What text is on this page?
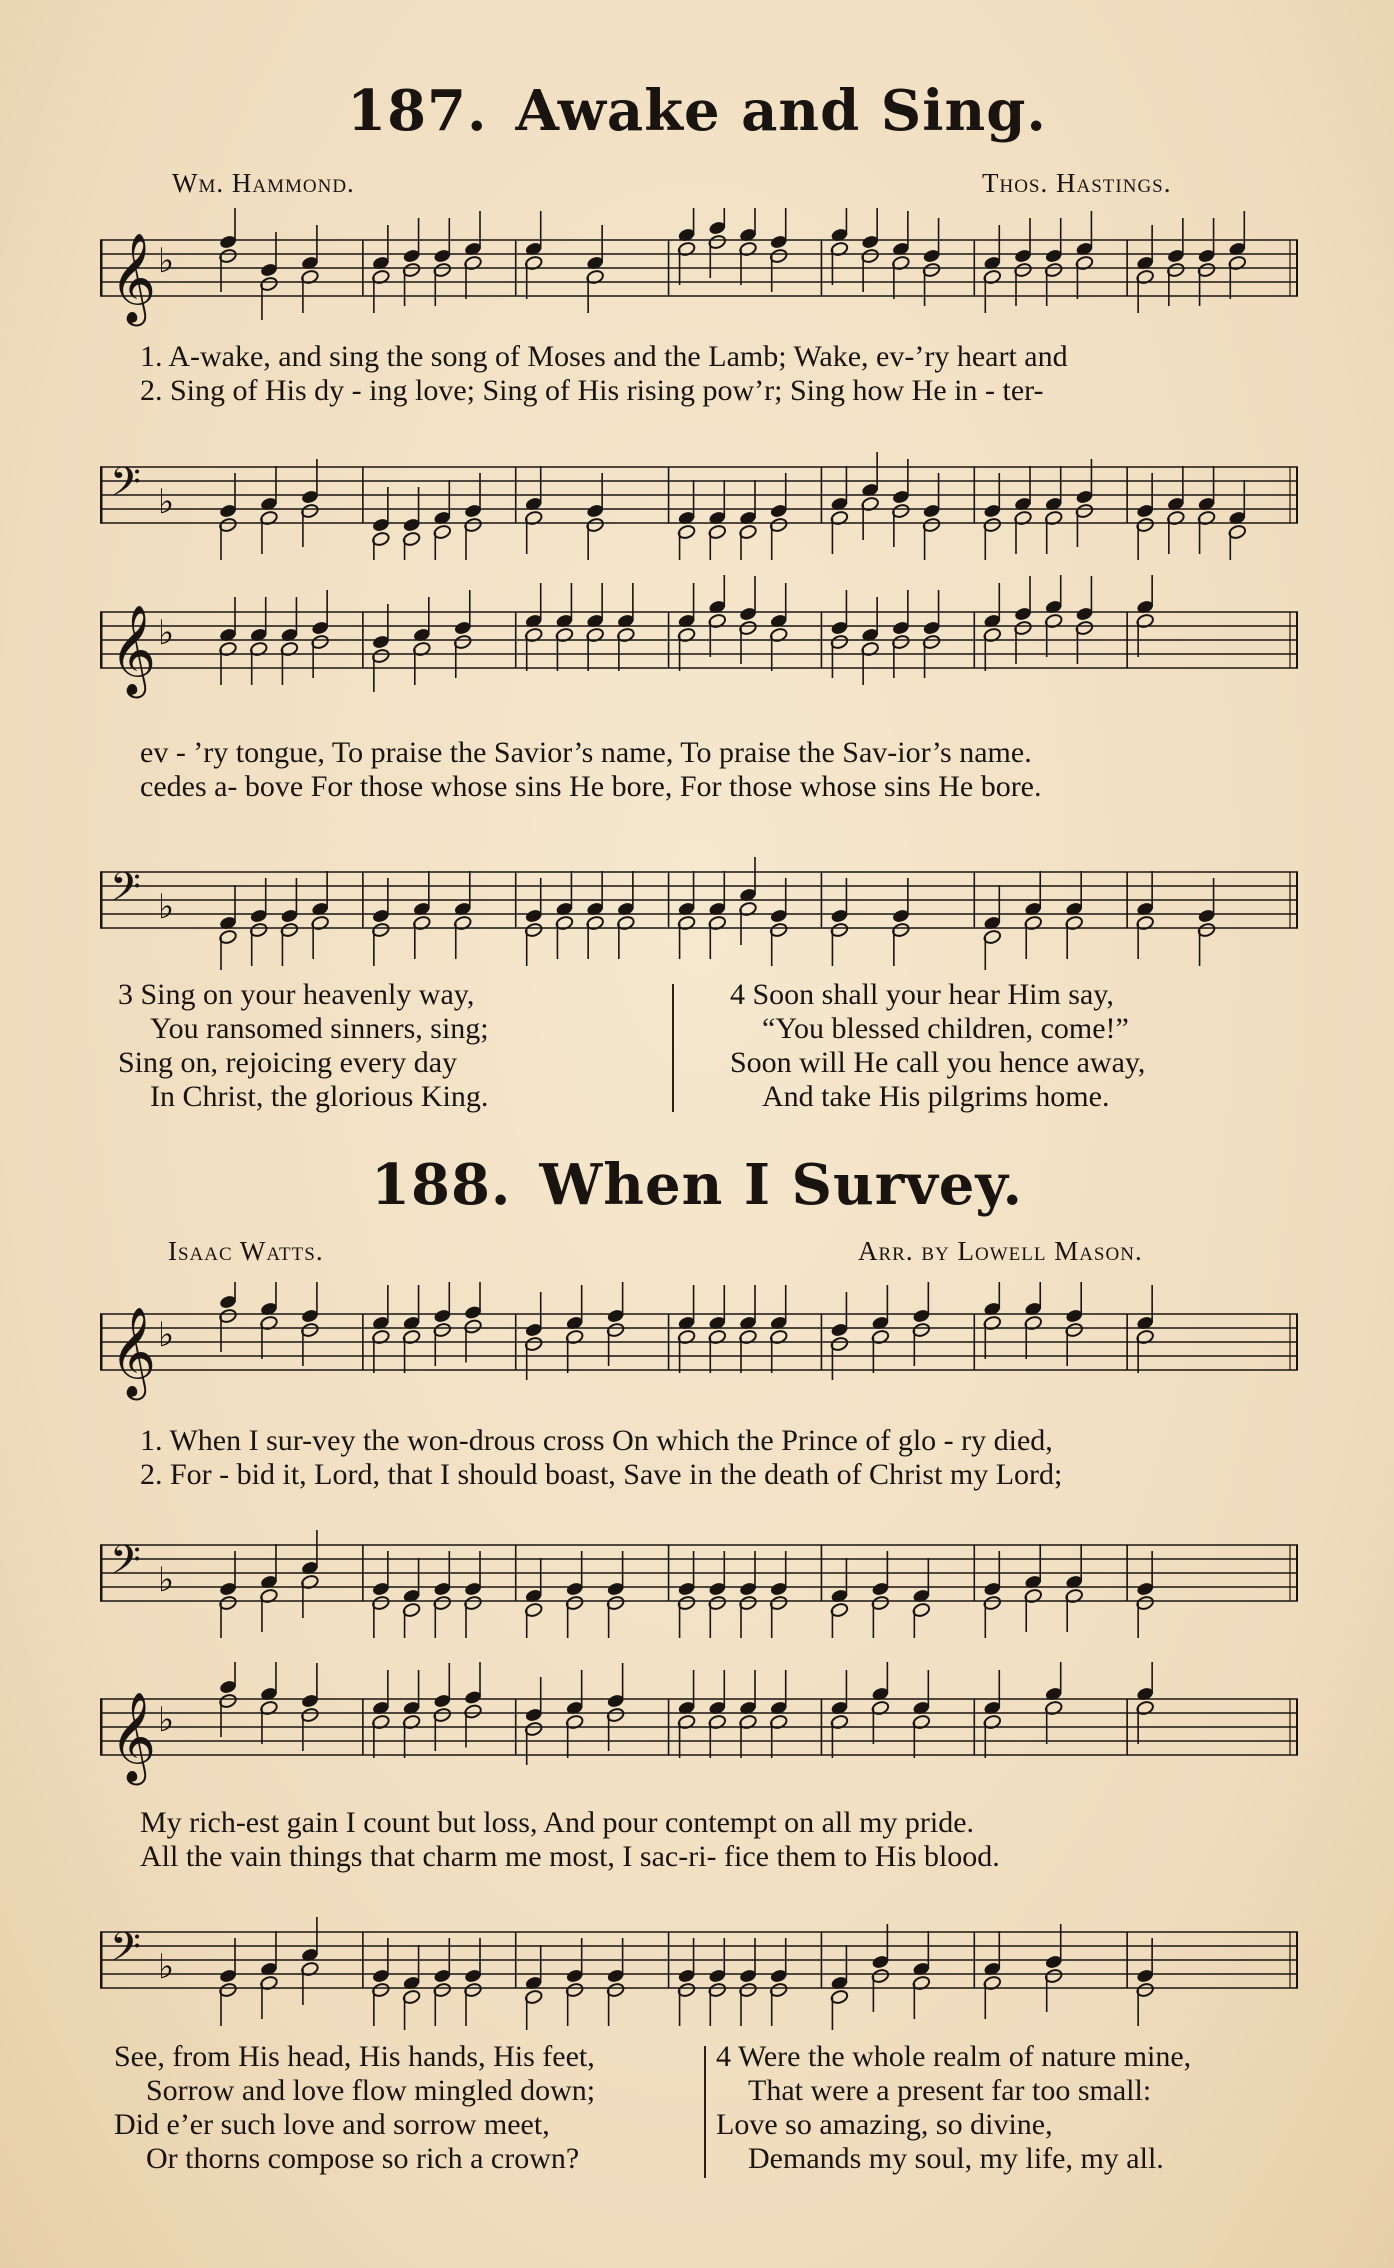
187. Awake and Sing.
Wm. Hammond.	Thos. Hastings.
𝄞 ♭
1. A-wake, and sing the song of Moses and the Lamb; Wake, ev-’ry heart and
2. Sing of His dy - ing love; Sing of His rising pow’r; Sing how He in - ter-
𝄢 ♭
𝄞 ♭
ev - ’ry tongue, To praise the Savior’s name, To praise the Sav-ior’s name.
cedes a- bove For those whose sins He bore, For those whose sins He bore.
𝄢 ♭
3 Sing on your heavenly way,
You ransomed sinners, sing;
Sing on, rejoicing every day
In Christ, the glorious King.
4 Soon shall your hear Him say,
“You blessed children, come!”
Soon will He call you hence away,
And take His pilgrims home.
188. When I Survey.
Isaac Watts.	Arr. by Lowell Mason.
𝄞 ♭
1. When I sur-vey the won-drous cross On which the Prince of glo - ry died,
2. For - bid it, Lord, that I should boast, Save in the death of Christ my Lord;
𝄢 ♭
𝄞 ♭
My rich-est gain I count but loss, And pour contempt on all my pride.
All the vain things that charm me most, I sac-ri- fice them to His blood.
𝄢 ♭
See, from His head, His hands, His feet,
Sorrow and love flow mingled down;
Did e’er such love and sorrow meet,
Or thorns compose so rich a crown?
4 Were the whole realm of nature mine,
That were a present far too small:
Love so amazing, so divine,
Demands my soul, my life, my all.
